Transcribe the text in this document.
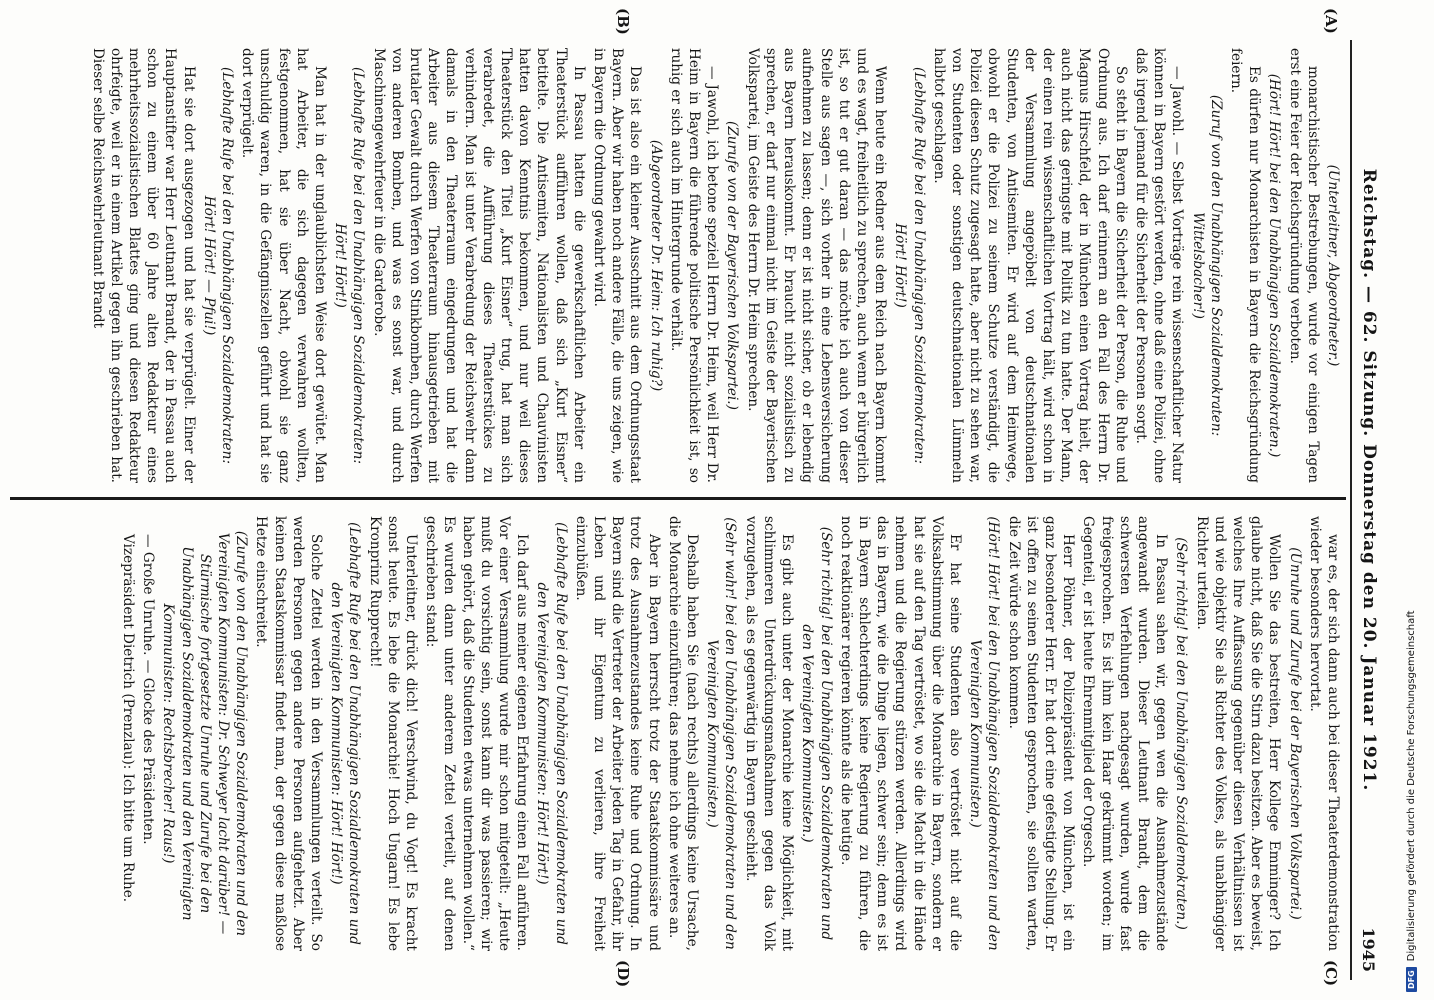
Reichstag. — 62. Sitzung. Donnerstag den 20. Januar 1921.
1945
(A)
(B)
(C)
(D)

(Unterleitner, Abgeordneter.)

monarchistischer Bestrebungen, wurde vor einigen Tagen erst eine Feier der Reichsgründung verboten.

(Hört! Hört! bei den Unabhängigen Sozialdemokraten.)

Es dürfen nur Monarchisten in Bayern die Reichsgründung feiern.

(Zuruf von den Unabhängigen Sozialdemokraten: Wittelsbacher!)

— Jawohl. — Selbst Vorträge rein wissenschaftlicher Natur können in Bayern gestört werden, ohne daß eine Polizei, ohne daß irgend jemand für die Sicherheit der Personen sorgt.

So steht in Bayern die Sicherheit der Person, die Ruhe und Ordnung aus. Ich darf erinnern an den Fall des Herrn Dr. Magnus Hirschfeld, der in München einen Vortrag hielt, der auch nicht das geringste mit Politik zu tun hatte. Der Mann, der einen rein wissenschaftlichen Vortrag hält, wird schon in der Versammlung angepöbelt von deutschnationalen Studenten, von Antisemiten. Er wird auf dem Heimwege, obwohl er die Polizei zu seinem Schutze verständigt, die Polizei diesen Schutz zugesagt hatte, aber nicht zu sehen war, von Studenten oder sonstigen deutschnationalen Lümmeln halbtot geschlagen.

(Lebhafte Rufe bei den Unabhängigen Sozialdemokraten: Hört! Hört!)

Wenn heute ein Redner aus dem Reich nach Bayern kommt und es wagt, freiheitlich zu sprechen, auch wenn er bürgerlich ist, so tut er gut daran — das möchte ich auch von dieser Stelle aus sagen —, sich vorher in eine Lebensversicherung aufnehmen zu lassen; denn er ist nicht sicher, ob er lebendig aus Bayern herauskommt. Er braucht nicht sozialistisch zu sprechen, er darf nur einmal nicht im Geiste der Bayerischen Volkspartei, im Geiste des Herrn Dr. Heim sprechen.

(Zurufe von der Bayerischen Volkspartei.)

— Jawohl, ich betone speziell Herrn Dr. Heim, weil Herr Dr. Heim in Bayern die führende politische Persönlichkeit ist, so ruhig er sich auch im Hintergrunde verhält.

(Abgeordneter Dr. Heim: Ich ruhig?)

Das ist also ein kleiner Ausschnitt aus dem Ordnungsstaat Bayern. Aber wir haben noch andere Fälle, die uns zeigen, wie in Bayern die Ordnung gewahrt wird.

In Passau hatten die gewerkschaftlichen Arbeiter ein Theaterstück aufführen wollen, daß sich „Kurt Eisner“ betitelte. Die Antisemiten, Nationalisten und Chauvinisten hatten davon Kenntnis bekommen, und nur weil dieses Theaterstück den Titel „Kurt Eisner“ trug, hat man sich verabredet, die Aufführung dieses Theaterstückes zu verhindern. Man ist unter Verabredung der Reichswehr dann damals in den Theaterraum eingedrungen und hat die Arbeiter aus diesem Theaterraum hinausgetrieben mit brutaler Gewalt durch Werfen von Stinkbomben, durch Werfen von anderen Bomben, und was es sonst war, und durch Maschinengewehrfeuer in die Garderobe.

(Lebhafte Rufe bei den Unabhängigen Sozialdemokraten: Hört! Hört!)

Man hat in der unglaublichsten Weise dort gewütet. Man hat Arbeiter, die sich dagegen verwahren wollten, festgenommen, hat sie über Nacht, obwohl sie ganz unschuldig waren, in die Gefängniszellen geführt und hat sie dort verprügelt.

(Lebhafte Rufe bei den Unabhängigen Sozialdemokraten: Hört! Hört! — Pfui!)

Hat sie dort ausgezogen und hat sie verprügelt. Einer der Hauptanstifter war Herr Leutnant Brandt, der in Passau auch schon zu einem über 60 Jahre alten Redakteur eines mehrheitssozialistischen Blattes ging und diesen Redakteur ohrfeigte, weil er in einem Artikel gegen ihn geschrieben hat. Dieser selbe Reichswehrleutnant Brandt

war es, der sich dann auch bei dieser Theaterdemonstration wieder besonders hervortat.

(Unruhe und Zurufe bei der Bayerischen Volkspartei.)

Wollen Sie das bestreiten, Herr Kollege Emminger? Ich glaube nicht, daß Sie die Stirn dazu besitzen. Aber es beweist, welches Ihre Auffassung gegenüber diesen Verhältnissen ist und wie objektiv Sie als Richter des Volkes, als unabhängiger Richter urteilen.

(Sehr richtig! bei den Unabhängigen Sozialdemokraten.)

In Passau sahen wir, gegen wen die Ausnahmezustände angewandt wurden. Dieser Leutnant Brandt, dem die schwersten Verfehlungen nachgesagt wurden, wurde fast freigesprochen. Es ist ihm kein Haar gekrümmt worden; im Gegenteil, er ist heute Ehrenmitglied der Orgesch.

Herr Pöhner, der Polizeipräsident von München, ist ein ganz besonderer Herr. Er hat dort eine gefestigte Stellung. Er ist offen zu seinen Studenten gesprochen, sie sollten warten, die Zeit würde schon kommen.

(Hört! Hört! bei den Unabhängigen Sozialdemokraten und den Vereinigten Kommunisten.)

Er hat seine Studenten also vertröstet nicht auf die Volksabstimmung über die Monarchie in Bayern, sondern er hat sie auf den Tag vertröstet, wo sie die Macht in die Hände nehmen und die Regierung stürzen werden. Allerdings wird das in Bayern, wie die Dinge liegen, schwer sein; denn es ist in Bayern schlechterdings keine Regierung zu führen, die noch reaktionärer regieren könnte als die heutige.

(Sehr richtig! bei den Unabhängigen Sozialdemokraten und den Vereinigten Kommunisten.)

Es gibt auch unter der Monarchie keine Möglichkeit, mit schlimmeren Unterdrückungsmaßnahmen gegen das Volk vorzugehen, als es gegenwärtig in Bayern geschieht.

(Sehr wahr! bei den Unabhängigen Sozialdemokraten und den Vereinigten Kommunisten.)

Deshalb haben Sie (nach rechts) allerdings keine Ursache, die Monarchie einzuführen; das nehme ich ohne weiteres an.

Aber in Bayern herrscht trotz der Staatskommissäre und trotz des Ausnahmezustandes keine Ruhe und Ordnung. In Bayern sind die Vertreter der Arbeiter jeden Tag in Gefahr, ihr Leben und ihr Eigentum zu verlieren, ihre Freiheit einzubüßen.

(Lebhafte Rufe bei den Unabhängigen Sozialdemokraten und den Vereinigten Kommunisten: Hört! Hört!)

Ich darf aus meiner eigenen Erfahrung einen Fall anführen. Vor einer Versammlung wurde mir schon mitgeteilt: „Heute mußt du vorsichtig sein, sonst kann dir was passieren; wir haben gehört, daß die Studenten etwas unternehmen wollen.“ Es wurden dann unter anderem Zettel verteilt, auf denen geschrieben stand:

Unterleitner, drück dich! Verschwind, du Vogt! Es kracht sonst heute. Es lebe die Monarchie! Hoch Ungarn! Es lebe Kronprinz Rupprecht!

(Lebhafte Rufe bei den Unabhängigen Sozialdemokraten und den Vereinigten Kommunisten: Hört! Hört!)

Solche Zettel werden in den Versammlungen verteilt. So werden Personen gegen andere Personen aufgehetzt. Aber keinen Staatskommissar findet man, der gegen diese maßlose Hetze einschreitet.

(Zurufe von den Unabhängigen Sozialdemokraten und den Vereinigten Kommunisten: Dr. Schweyer lacht darüber! — Stürmische fortgesetzte Unruhe und Zurufe bei den Unabhängigen Sozialdemokraten und den Vereinigten Kommunisten: Rechtsbrecher! Raus!)

— Große Unruhe. — Glocke des Präsidenten.

Vizepräsident Dietrich (Prenzlau): Ich bitte um Ruhe.

DFGDigitalisierung gefördert durch die Deutsche Forschungsgemeinschaft
